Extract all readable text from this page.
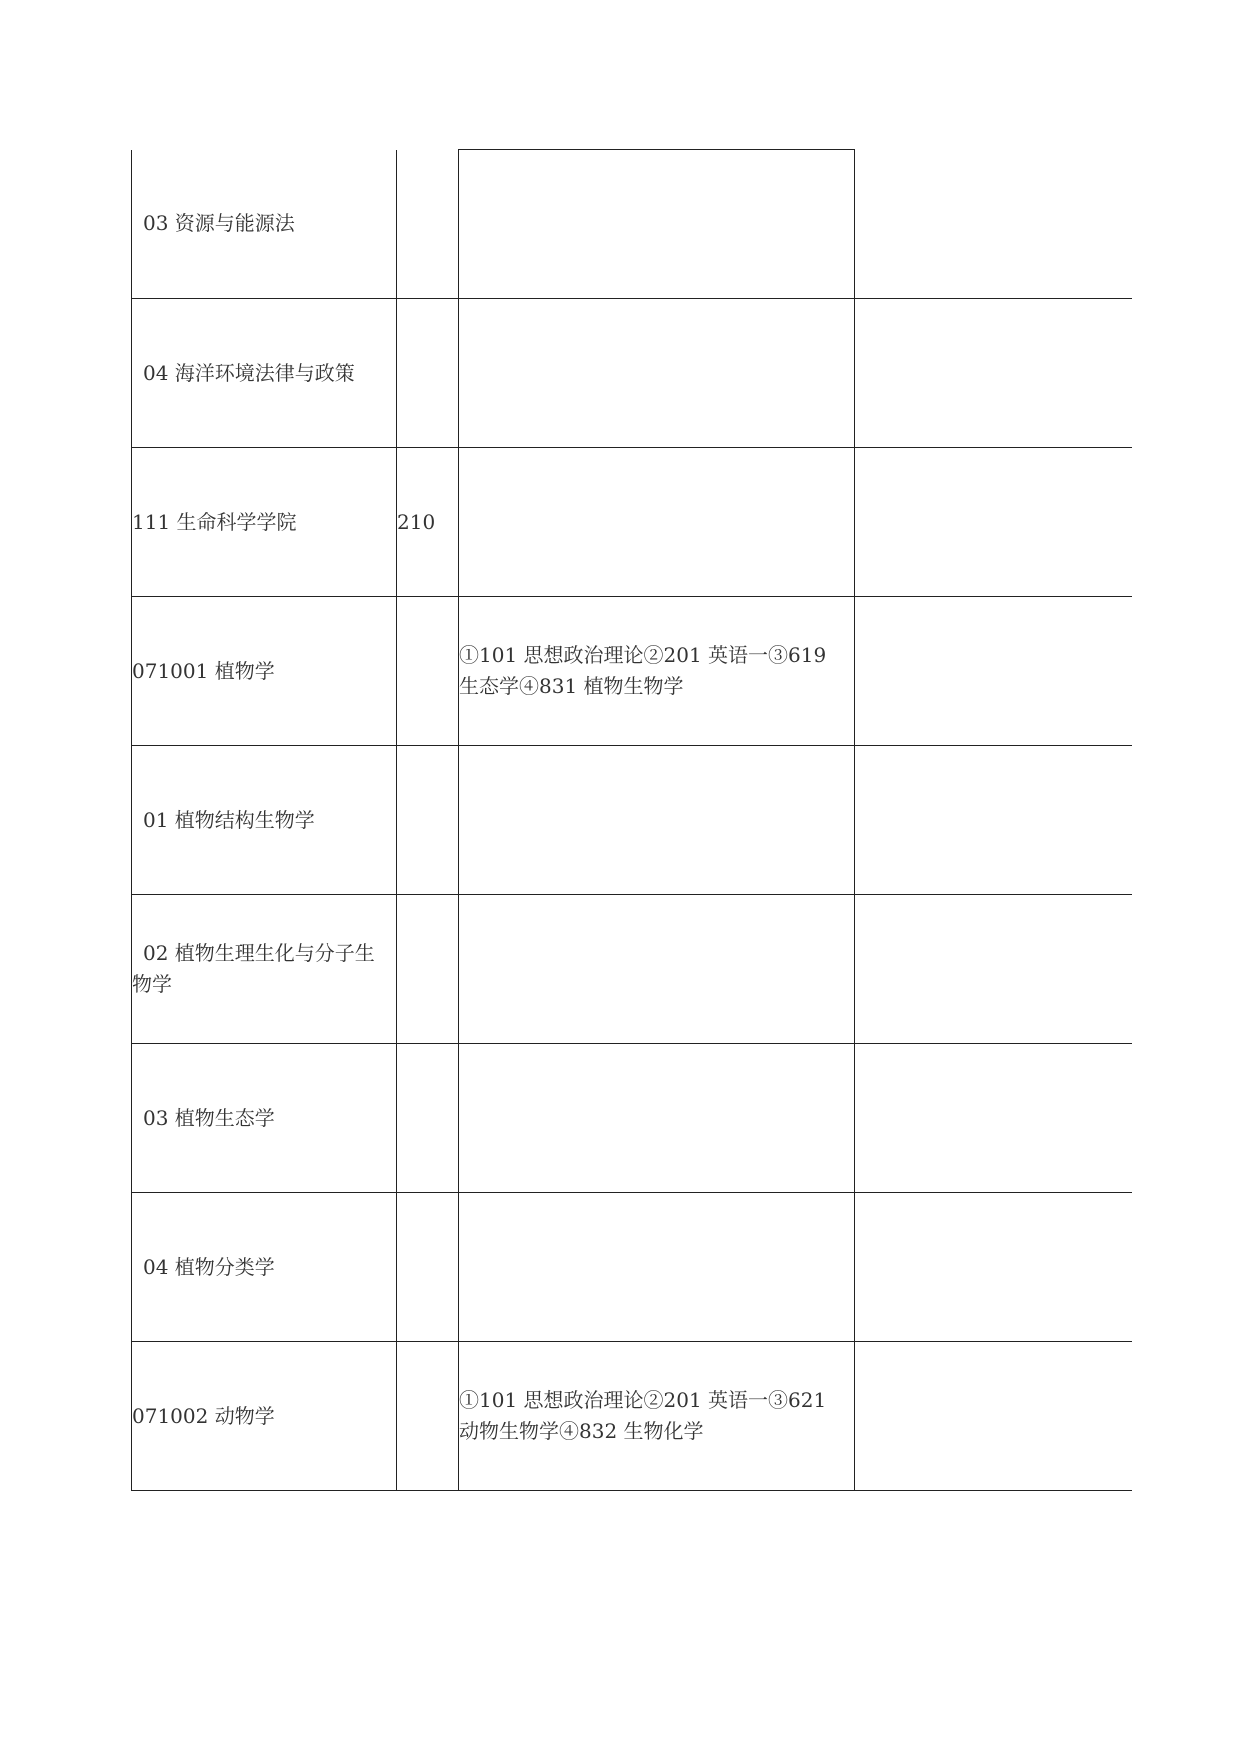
03 资源与能源法			

04 海洋环境法律与政策			

111 生命科学学院	210		

071001 植物学		①101 思想政治理论②201 英语一③619
生态学④831 植物生物学	

01 植物结构生物学			

02 植物生理生化与分子生
物学			

03 植物生态学			

04 植物分类学			

071002 动物学		①101 思想政治理论②201 英语一③621
动物生物学④832 生物化学	
